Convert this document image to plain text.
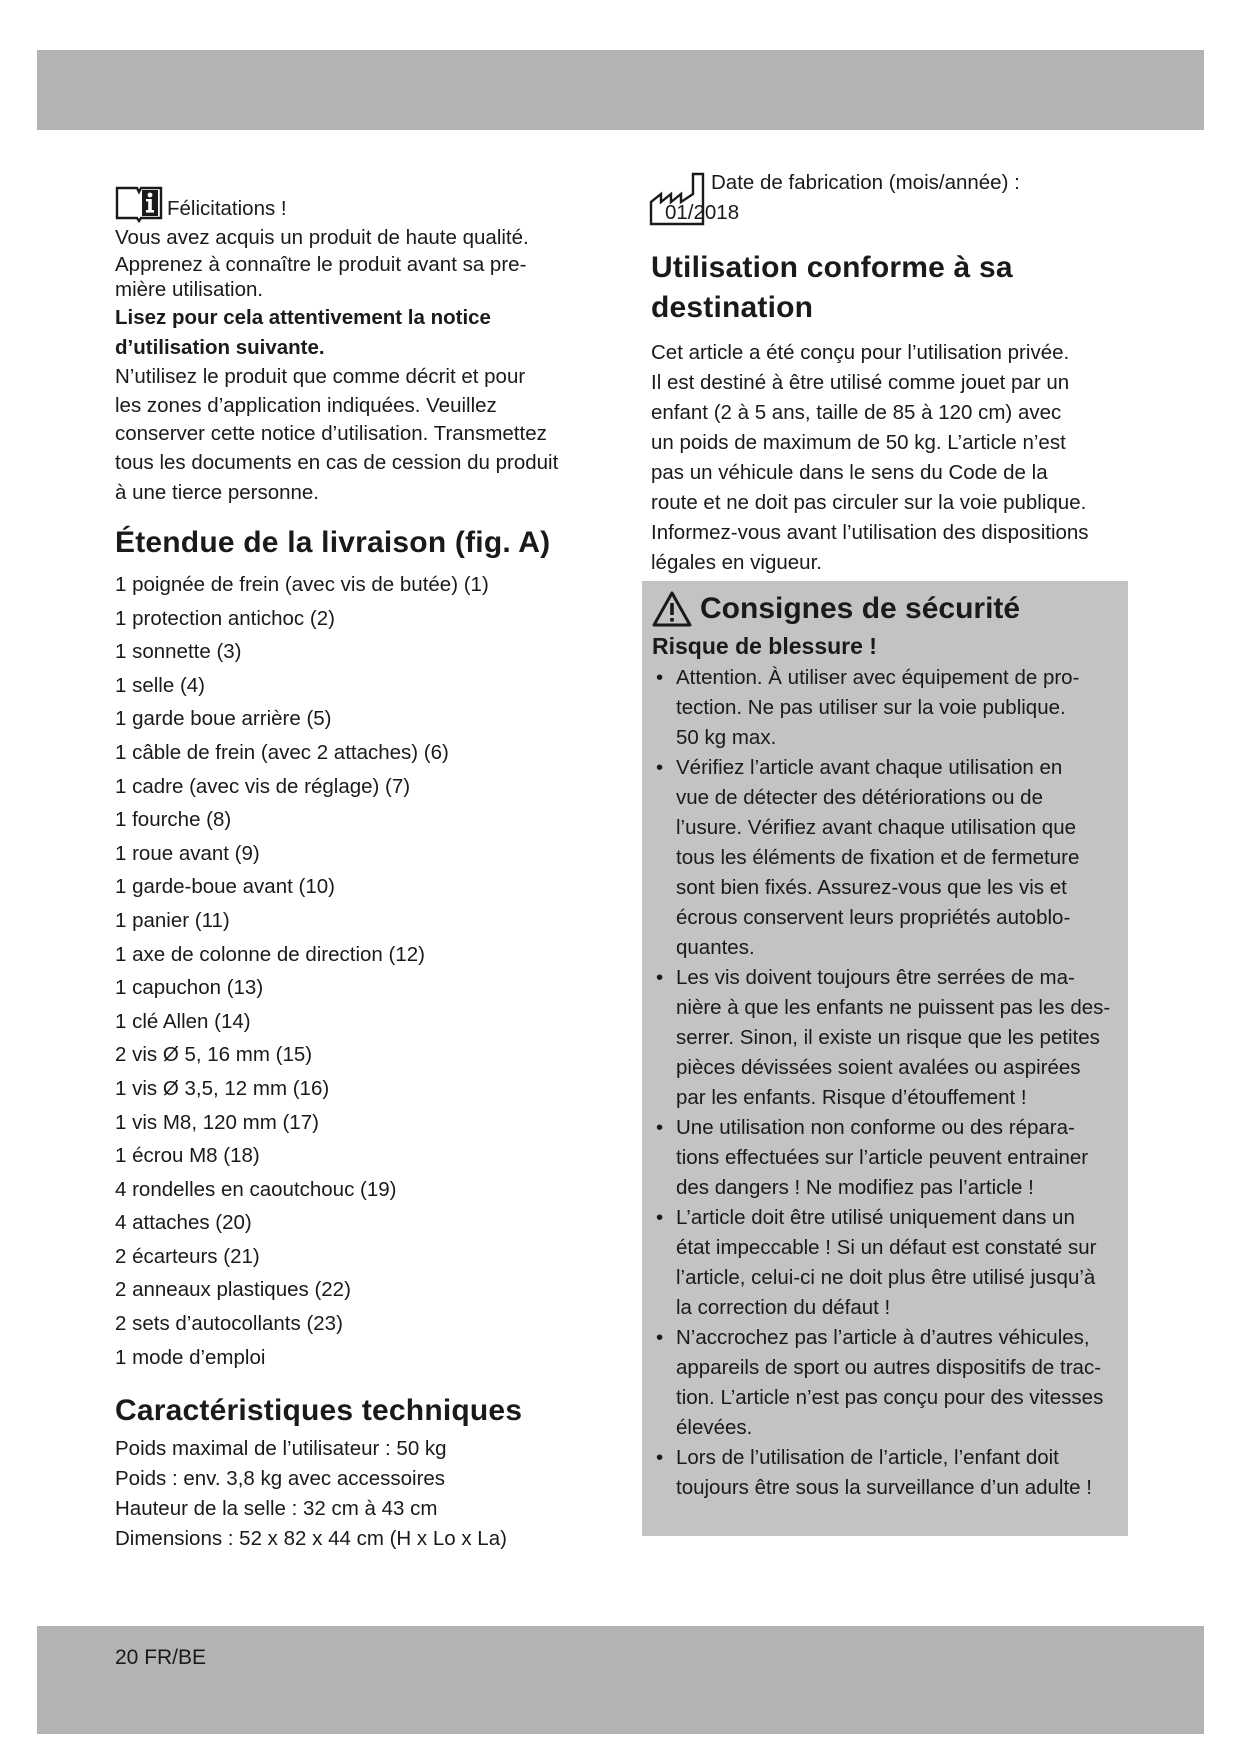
Félicitations !

Vous avez acquis un produit de haute qualité.

Apprenez à connaître le produit avant sa pre-

mière utilisation.

Lisez pour cela attentivement la notice

d’utilisation suivante.

N’utilisez le produit que comme décrit et pour

les zones d’application indiquées. Veuillez

conserver cette notice d’utilisation. Transmettez

tous les documents en cas de cession du produit

à une tierce personne.

Étendue de la livraison (fig. A)
1 poignée de frein (avec vis de butée) (1)
1 protection antichoc (2)
1 sonnette (3)
1 selle (4)
1 garde boue arrière (5)
1 câble de frein (avec 2 attaches) (6)
1 cadre (avec vis de réglage) (7)
1 fourche (8)
1 roue avant (9)
1 garde-boue avant (10)
1 panier (11)
1 axe de colonne de direction (12)
1 capuchon (13)
1 clé Allen (14)
2 vis Ø 5, 16 mm (15)
1 vis Ø 3,5, 12 mm (16)
1 vis M8, 120 mm (17)
1 écrou M8 (18)
4 rondelles en caoutchouc (19)
4 attaches (20)
2 écarteurs (21)
2 anneaux plastiques (22)
2 sets d’autocollants (23)
1 mode d’emploi
Caractéristiques techniques

Poids maximal de l’utilisateur : 50 kg

Poids : env. 3,8 kg avec accessoires

Hauteur de la selle : 32 cm à 43 cm

Dimensions : 52 x 82 x 44 cm (H x Lo x La)

Date de fabrication (mois/année) :
01/2018
Utilisation conforme à sa
destination

Cet article a été conçu pour l’utilisation privée.

Il est destiné à être utilisé comme jouet par un

enfant (2 à 5 ans, taille de 85 à 120 cm) avec

un poids de maximum de 50 kg. L’article n’est

pas un véhicule dans le sens du Code de la

route et ne doit pas circuler sur la voie publique.

Informez-vous avant l’utilisation des dispositions

légales en vigueur.

Consignes de sécurité
Risque de blessure !
• Attention. À utiliser avec équipement de pro-
tection. Ne pas utiliser sur la voie publique.
50 kg max.
• Vérifiez l’article avant chaque utilisation en
vue de détecter des détériorations ou de
l’usure. Vérifiez avant chaque utilisation que
tous les éléments de fixation et de fermeture
sont bien fixés. Assurez-vous que les vis et
écrous conservent leurs propriétés autoblo-
quantes.
• Les vis doivent toujours être serrées de ma-
nière à que les enfants ne puissent pas les des-
serrer. Sinon, il existe un risque que les petites
pièces dévissées soient avalées ou aspirées
par les enfants. Risque d’étouffement !
• Une utilisation non conforme ou des répara-
tions effectuées sur l’article peuvent entrainer
des dangers ! Ne modifiez pas l’article !
• L’article doit être utilisé uniquement dans un
état impeccable ! Si un défaut est constaté sur
l’article, celui-ci ne doit plus être utilisé jusqu’à
la correction du défaut !
• N’accrochez pas l’article à d’autres véhicules,
appareils de sport ou autres dispositifs de trac-
tion. L’article n’est pas conçu pour des vitesses
élevées.
• Lors de l’utilisation de l’article, l’enfant doit
toujours être sous la surveillance d’un adulte !
20 FR/BE
